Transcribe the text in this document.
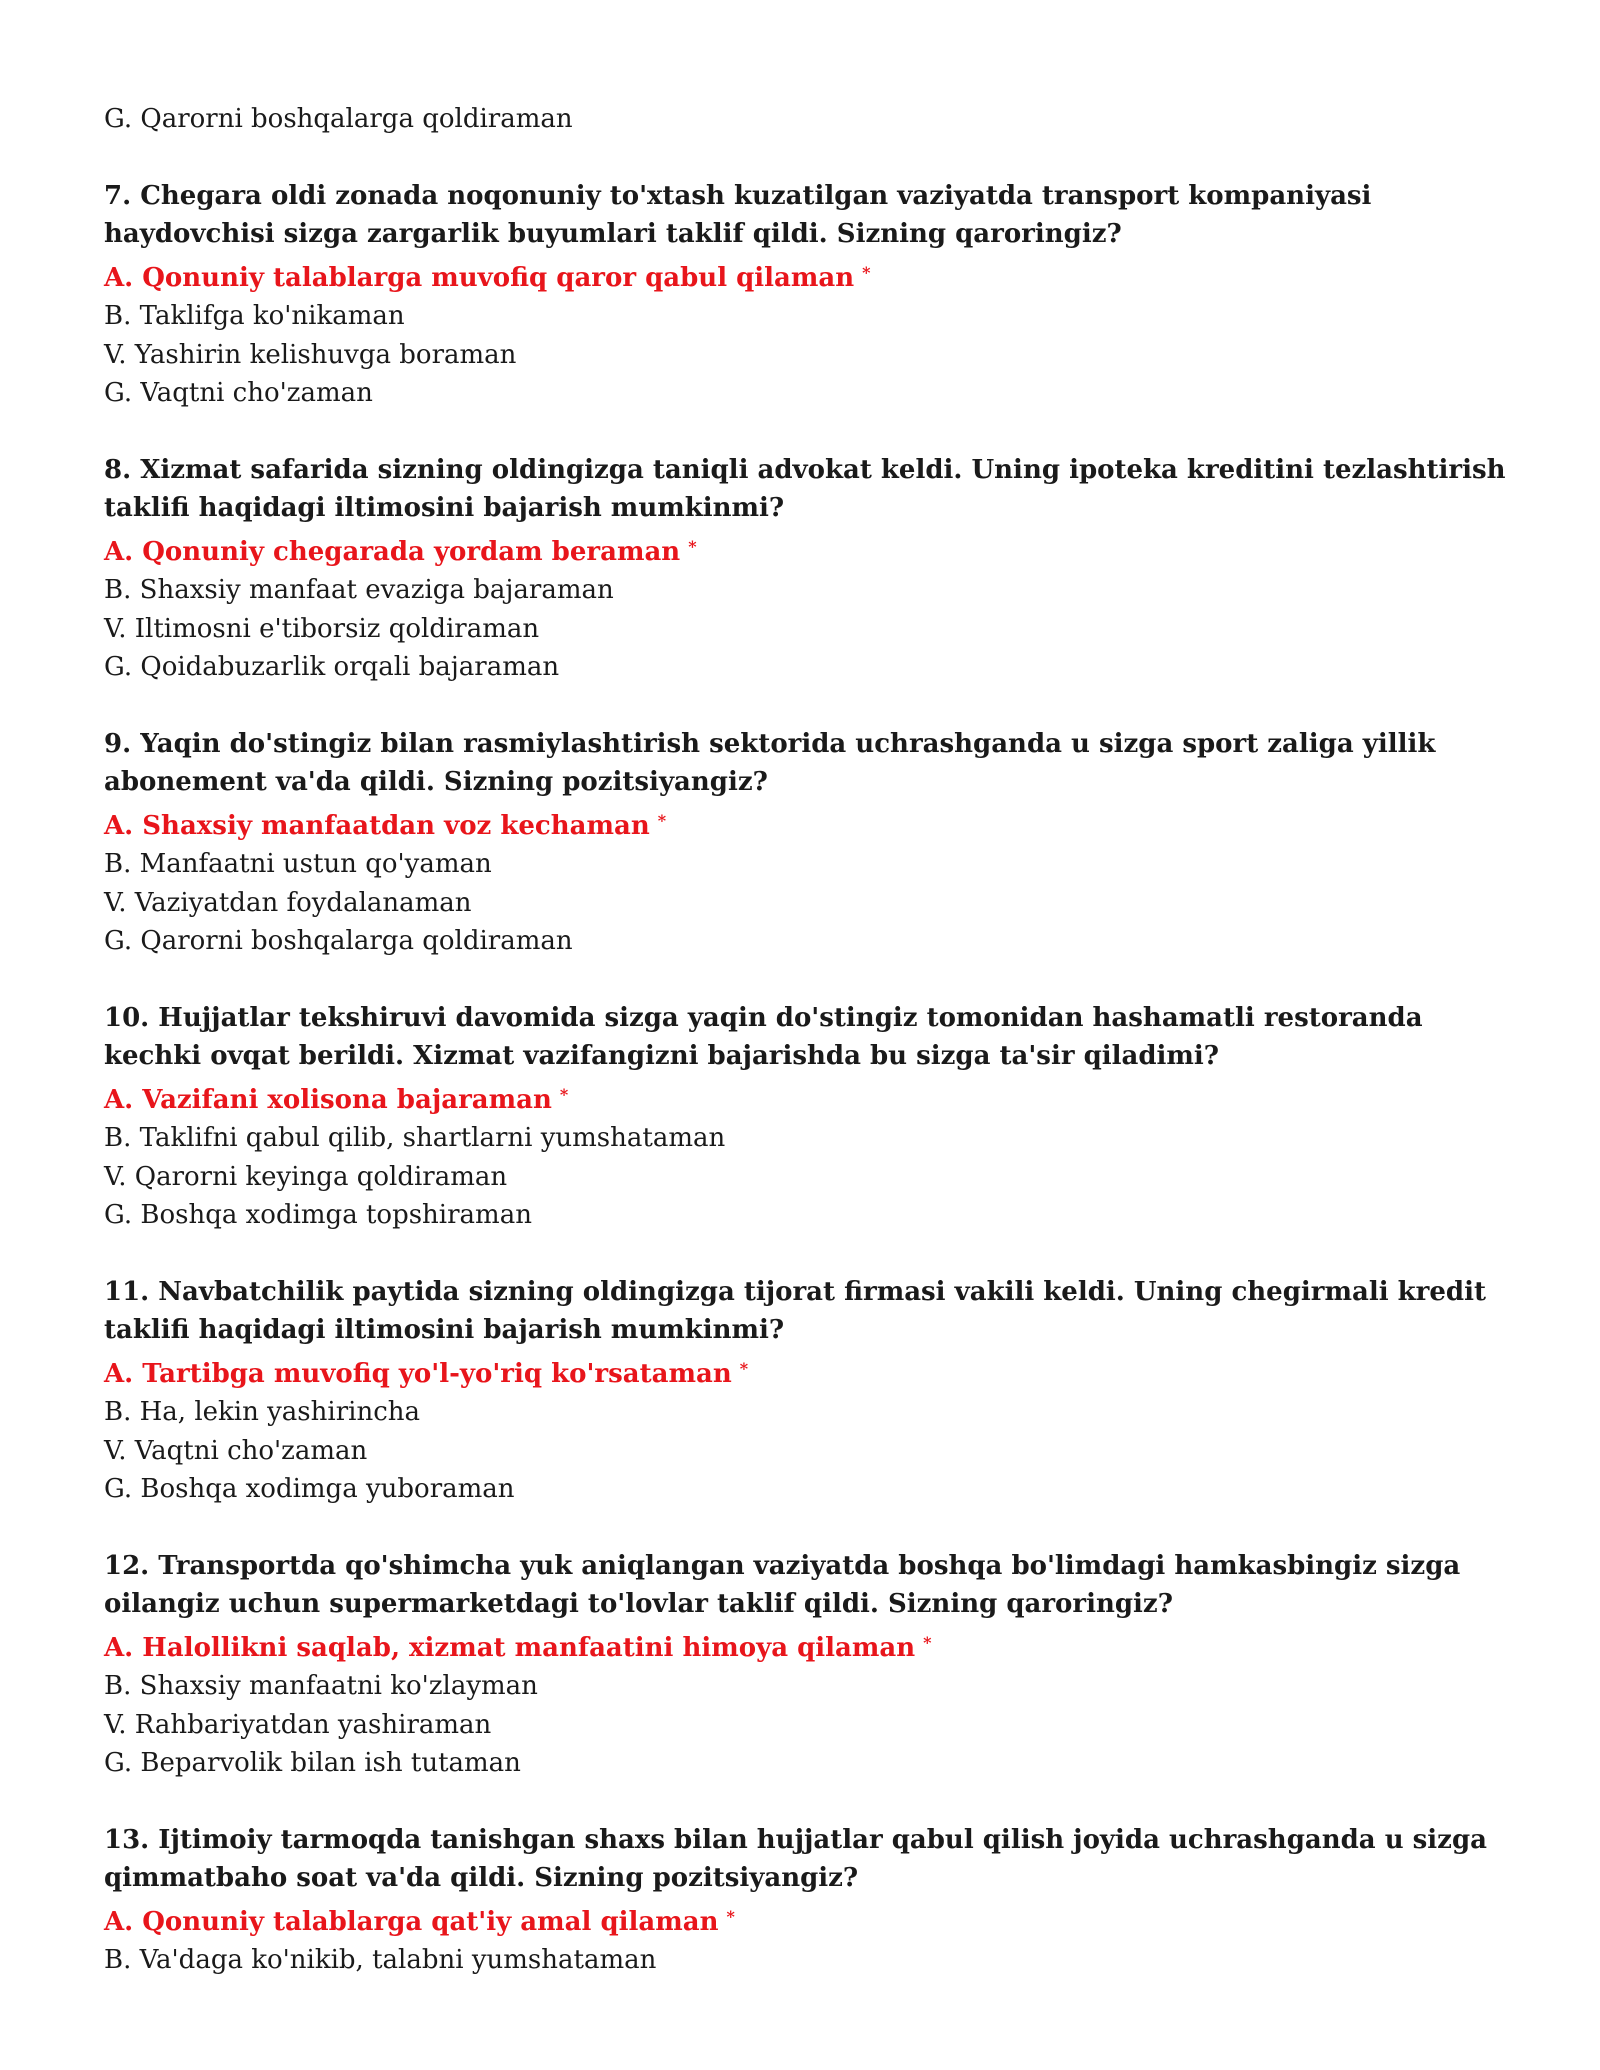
G. Qarorni boshqalarga qoldiraman
7. Chegara oldi zonada noqonuniy to'xtash kuzatilgan vaziyatda transport kompaniyasi haydovchisi sizga zargarlik buyumlari taklif qildi. Sizning qaroringiz?
A. Qonuniy talablarga muvofiq qaror qabul qilaman *
B. Taklifga ko'nikaman
V. Yashirin kelishuvga boraman
G. Vaqtni cho'zaman
8. Xizmat safarida sizning oldingizga taniqli advokat keldi. Uning ipoteka kreditini tezlashtirish taklifi haqidagi iltimosini bajarish mumkinmi?
A. Qonuniy chegarada yordam beraman *
B. Shaxsiy manfaat evaziga bajaraman
V. Iltimosni e'tiborsiz qoldiraman
G. Qoidabuzarlik orqali bajaraman
9. Yaqin do'stingiz bilan rasmiylashtirish sektorida uchrashganda u sizga sport zaliga yillik abonement va'da qildi. Sizning pozitsiyangiz?
A. Shaxsiy manfaatdan voz kechaman *
B. Manfaatni ustun qo'yaman
V. Vaziyatdan foydalanaman
G. Qarorni boshqalarga qoldiraman
10. Hujjatlar tekshiruvi davomida sizga yaqin do'stingiz tomonidan hashamatli restoranda kechki ovqat berildi. Xizmat vazifangizni bajarishda bu sizga ta'sir qiladimi?
A. Vazifani xolisona bajaraman *
B. Taklifni qabul qilib, shartlarni yumshataman
V. Qarorni keyinga qoldiraman
G. Boshqa xodimga topshiraman
11. Navbatchilik paytida sizning oldingizga tijorat firmasi vakili keldi. Uning chegirmali kredit taklifi haqidagi iltimosini bajarish mumkinmi?
A. Tartibga muvofiq yo'l-yo'riq ko'rsataman *
B. Ha, lekin yashirincha
V. Vaqtni cho'zaman
G. Boshqa xodimga yuboraman
12. Transportda qo'shimcha yuk aniqlangan vaziyatda boshqa bo'limdagi hamkasbingiz sizga oilangiz uchun supermarketdagi to'lovlar taklif qildi. Sizning qaroringiz?
A. Halollikni saqlab, xizmat manfaatini himoya qilaman *
B. Shaxsiy manfaatni ko'zlayman
V. Rahbariyatdan yashiraman
G. Beparvolik bilan ish tutaman
13. Ijtimoiy tarmoqda tanishgan shaxs bilan hujjatlar qabul qilish joyida uchrashganda u sizga qimmatbaho soat va'da qildi. Sizning pozitsiyangiz?
A. Qonuniy talablarga qat'iy amal qilaman *
B. Va'daga ko'nikib, talabni yumshataman
